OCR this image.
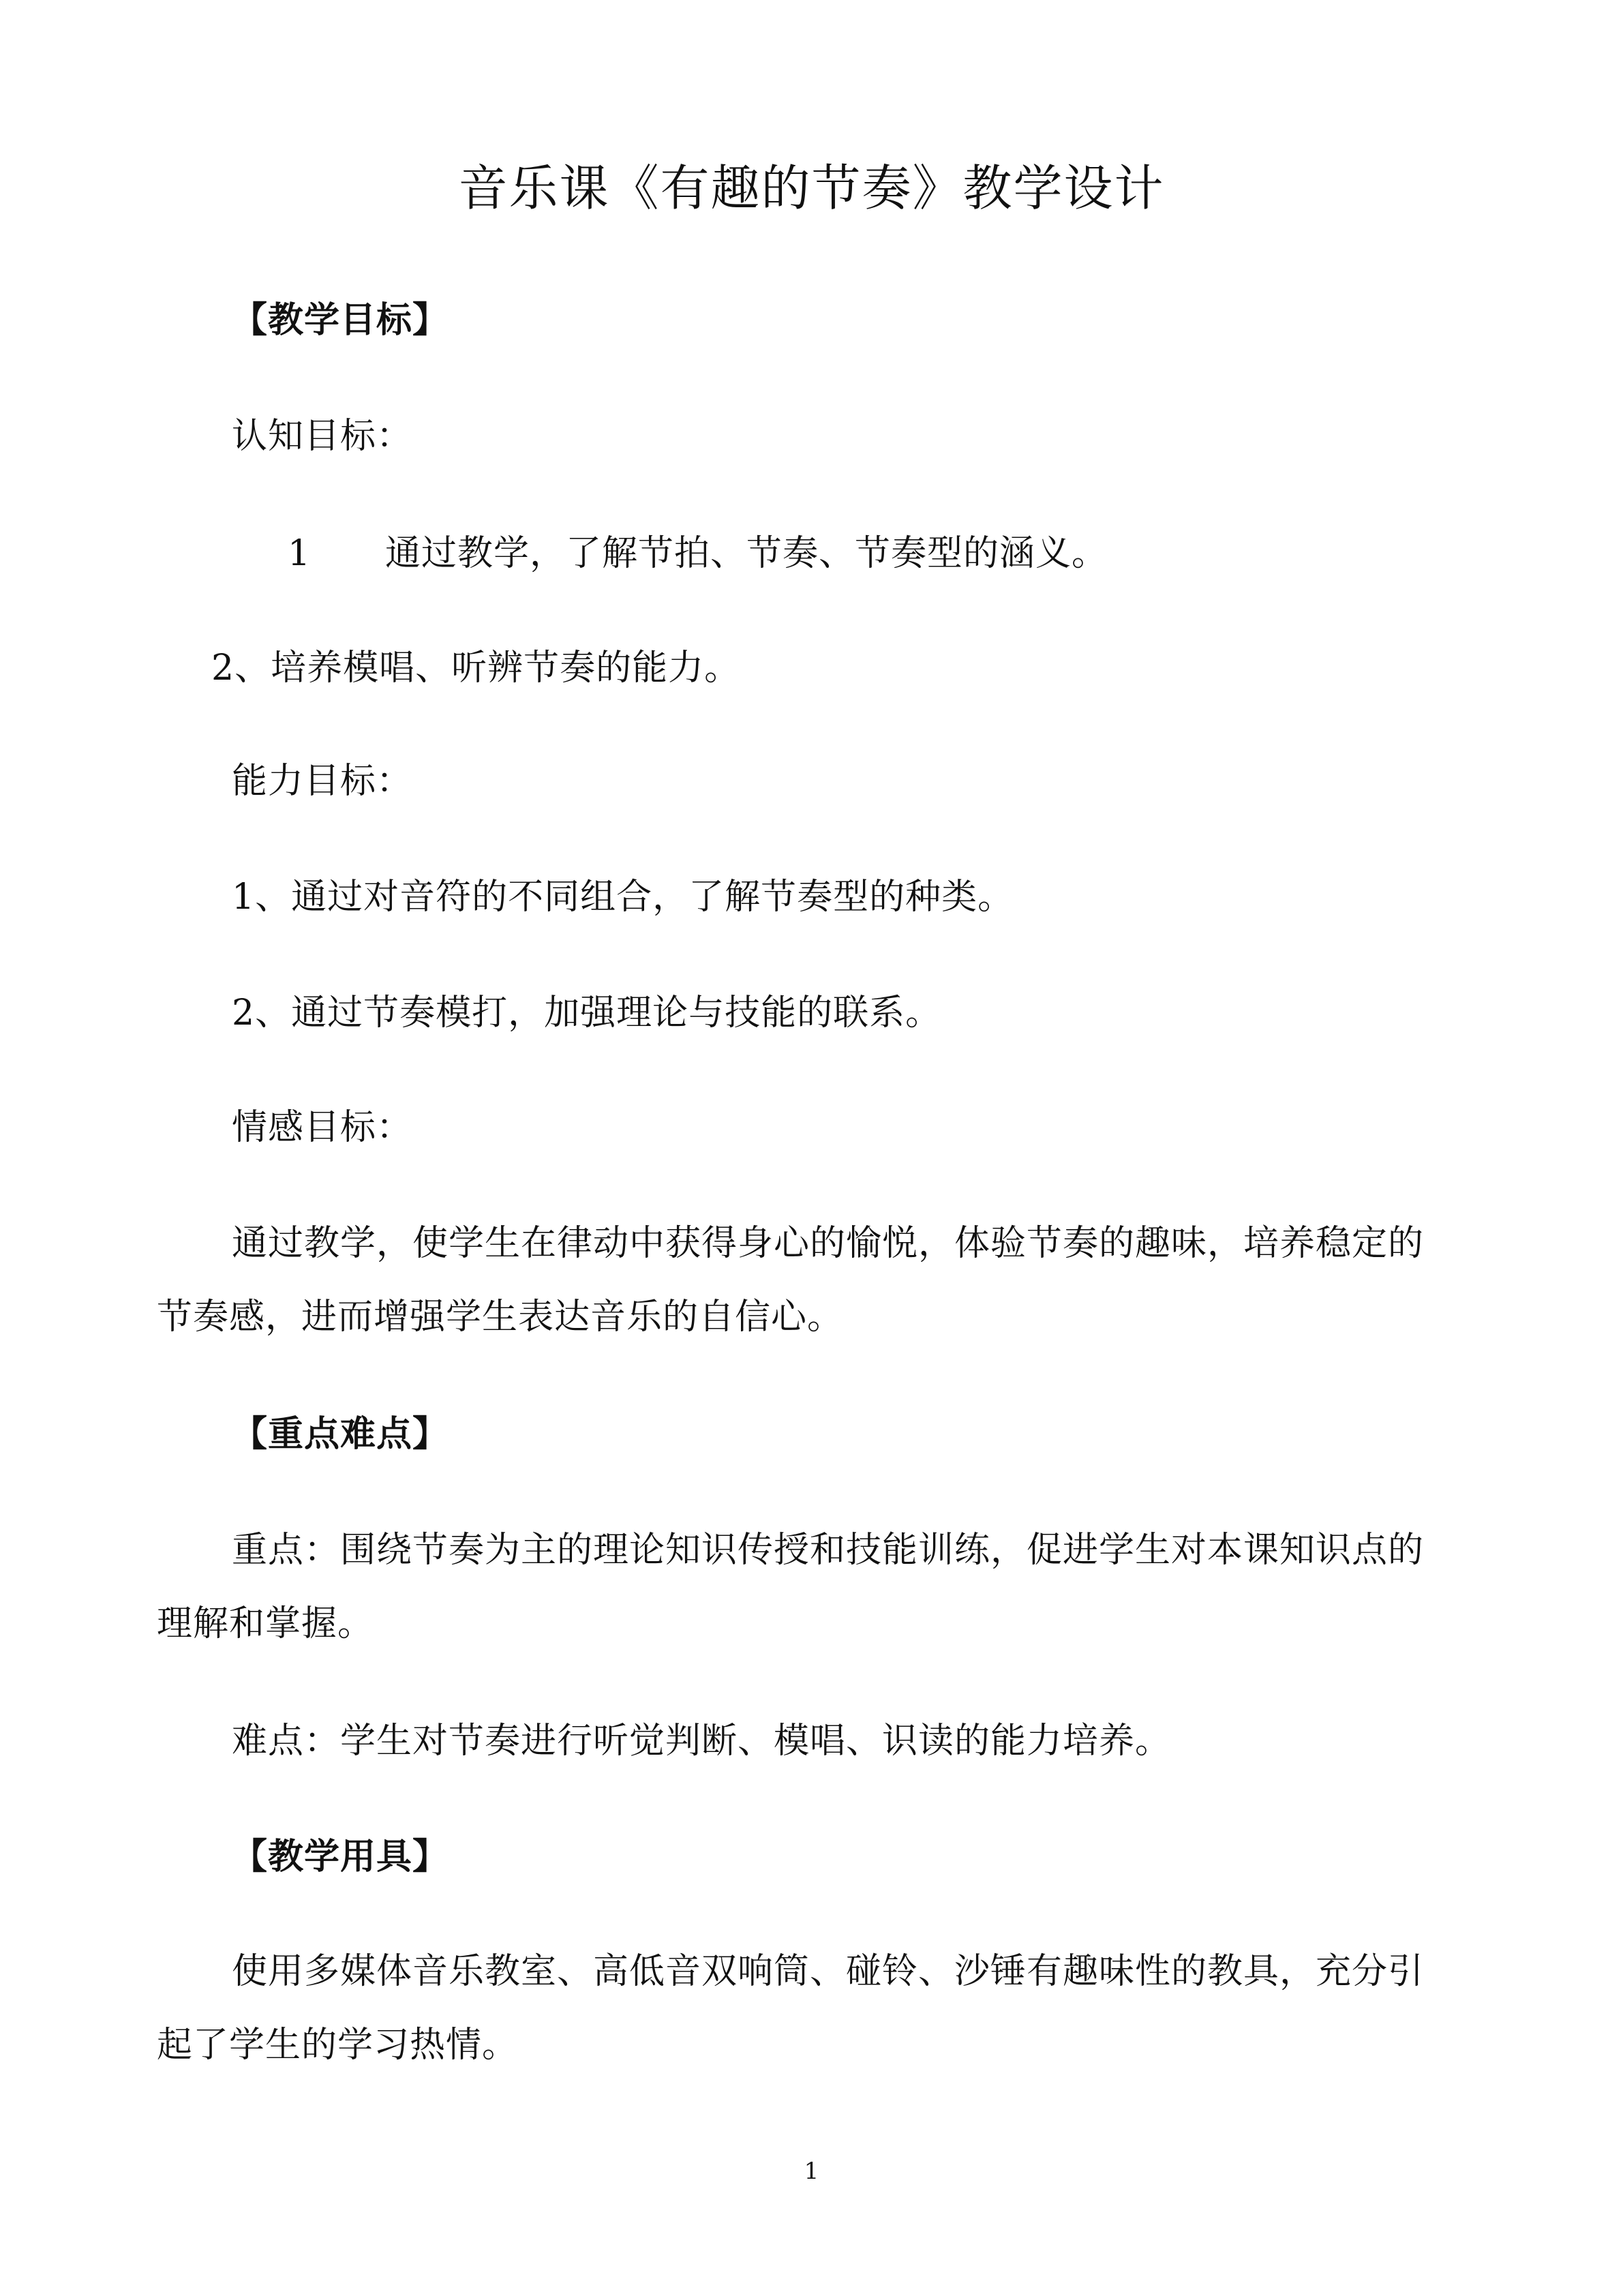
音乐课《有趣的节奏》教学设计
【教学目标】
认知目标：
1 通过教学，了解节拍、节奏、节奏型的涵义。
2、培养模唱、听辨节奏的能力。
能力目标：
1、通过对音符的不同组合，了解节奏型的种类。
2、通过节奏模打，加强理论与技能的联系。
情感目标：
通过教学，使学生在律动中获得身心的愉悦，体验节奏的趣味，培养稳定的
节奏感，进而增强学生表达音乐的自信心。
【重点难点】
重点：围绕节奏为主的理论知识传授和技能训练，促进学生对本课知识点的
理解和掌握。
难点：学生对节奏进行听觉判断、模唱、识读的能力培养。
【教学用具】
使用多媒体音乐教室、高低音双响筒、碰铃、沙锤有趣味性的教具，充分引
起了学生的学习热情。
1
